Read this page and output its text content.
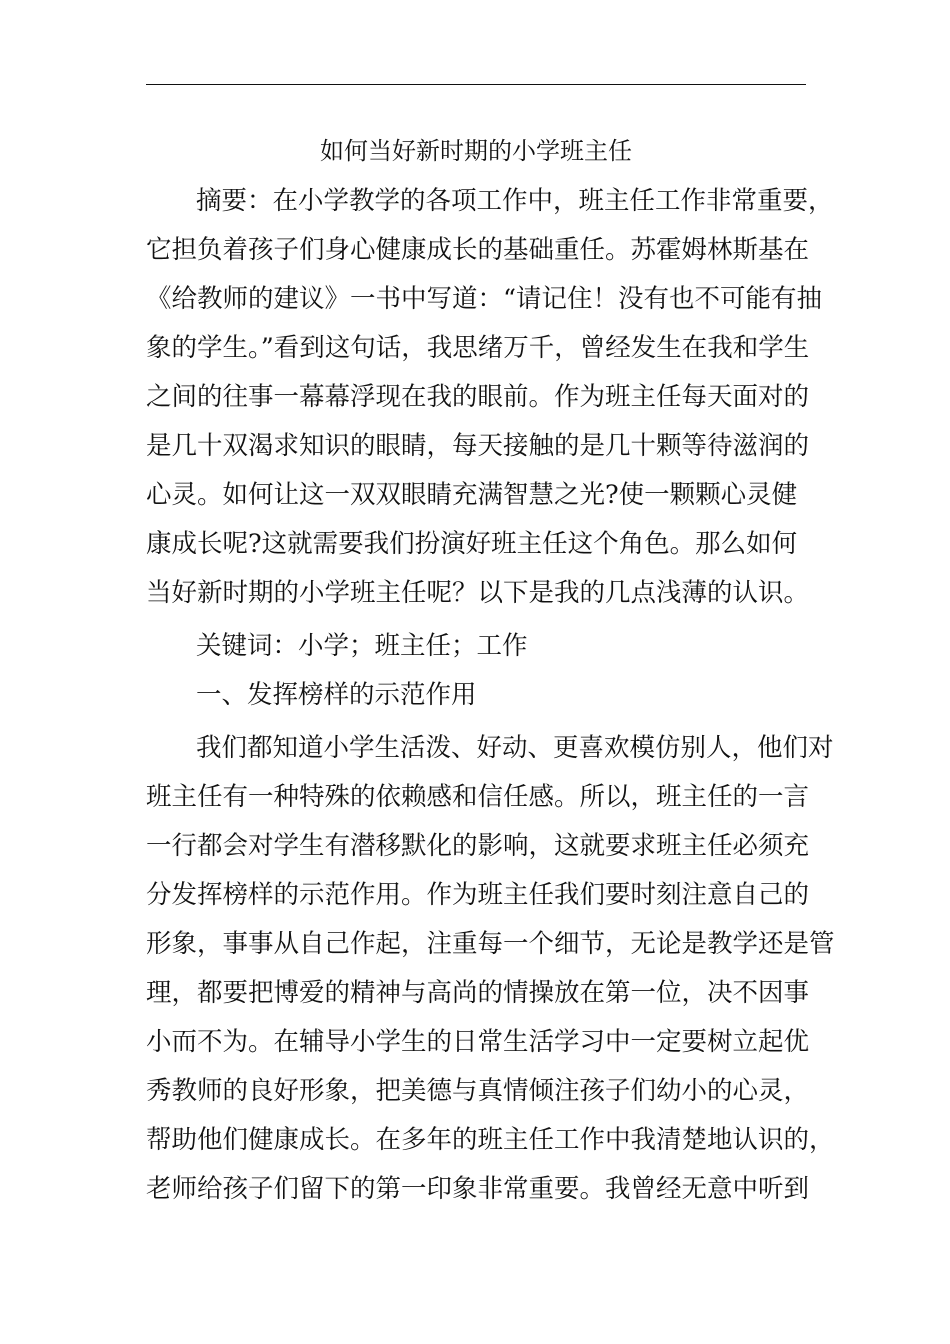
如何当好新时期的小学班主任
摘要：在小学教学的各项工作中，班主任工作非常重要，
它担负着孩子们身心健康成长的基础重任。苏霍姆林斯基在
《给教师的建议》一书中写道：“请记住！没有也不可能有抽
象的学生。”看到这句话，我思绪万千，曾经发生在我和学生
之间的往事一幕幕浮现在我的眼前。作为班主任每天面对的
是几十双渴求知识的眼睛，每天接触的是几十颗等待滋润的
心灵。如何让这一双双眼睛充满智慧之光?使一颗颗心灵健
康成长呢?这就需要我们扮演好班主任这个角色。那么如何
当好新时期的小学班主任呢？以下是我的几点浅薄的认识。
关键词：小学；班主任；工作
一、发挥榜样的示范作用
我们都知道小学生活泼、好动、更喜欢模仿别人，他们对
班主任有一种特殊的依赖感和信任感。所以，班主任的一言
一行都会对学生有潜移默化的影响，这就要求班主任必须充
分发挥榜样的示范作用。作为班主任我们要时刻注意自己的
形象，事事从自己作起，注重每一个细节，无论是教学还是管
理，都要把博爱的精神与高尚的情操放在第一位，决不因事
小而不为。在辅导小学生的日常生活学习中一定要树立起优
秀教师的良好形象，把美德与真情倾注孩子们幼小的心灵，
帮助他们健康成长。在多年的班主任工作中我清楚地认识的，
老师给孩子们留下的第一印象非常重要。我曾经无意中听到
